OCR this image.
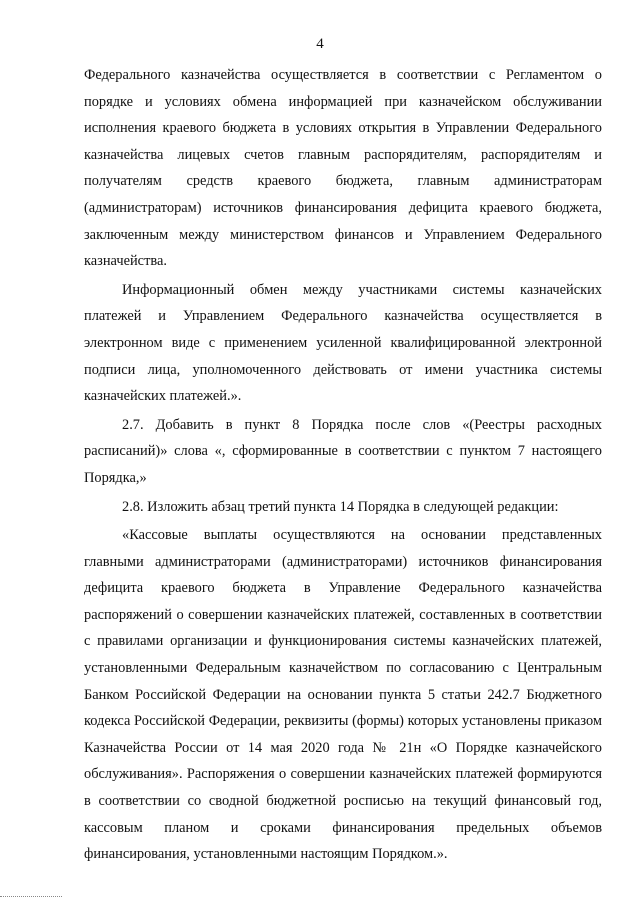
4

Федерального казначейства осуществляется в соответствии с Регламентом о порядке и условиях обмена информацией при казначейском обслуживании исполнения краевого бюджета в условиях открытия в Управлении Федерального казначейства лицевых счетов главным распорядителям, распорядителям и получателям средств краевого бюджета, главным администраторам (администраторам) источников финансирования дефицита краевого бюджета, заключенным между министерством финансов и Управлением Федерального казначейства.

Информационный обмен между участниками системы казначейских платежей и Управлением Федерального казначейства осуществляется в электронном виде с применением усиленной квалифицированной электронной подписи лица, уполномоченного действовать от имени участника системы казначейских платежей.».

2.7. Добавить в пункт 8 Порядка после слов «(Реестры расходных расписаний)» слова «, сформированные в соответствии с пунктом 7 настоящего Порядка,»

2.8. Изложить абзац третий пункта 14 Порядка в следующей редакции:

«Кассовые выплаты осуществляются на основании представленных главными администраторами (администраторами) источников финансирования дефицита краевого бюджета в Управление Федерального казначейства распоряжений о совершении казначейских платежей, составленных в соответствии с правилами организации и функционирования системы казначейских платежей, установленными Федеральным казначейством по согласованию с Центральным Банком Российской Федерации на основании пункта 5 статьи 242.7 Бюджетного кодекса Российской Федерации, реквизиты (формы) которых установлены приказом Казначейства России от 14 мая 2020 года № 21н «О Порядке казначейского обслуживания». Распоряжения о совершении казначейских платежей формируются в соответствии со сводной бюджетной росписью на текущий финансовый год, кассовым планом и сроками финансирования предельных объемов финансирования, установленными настоящим Порядком.».
